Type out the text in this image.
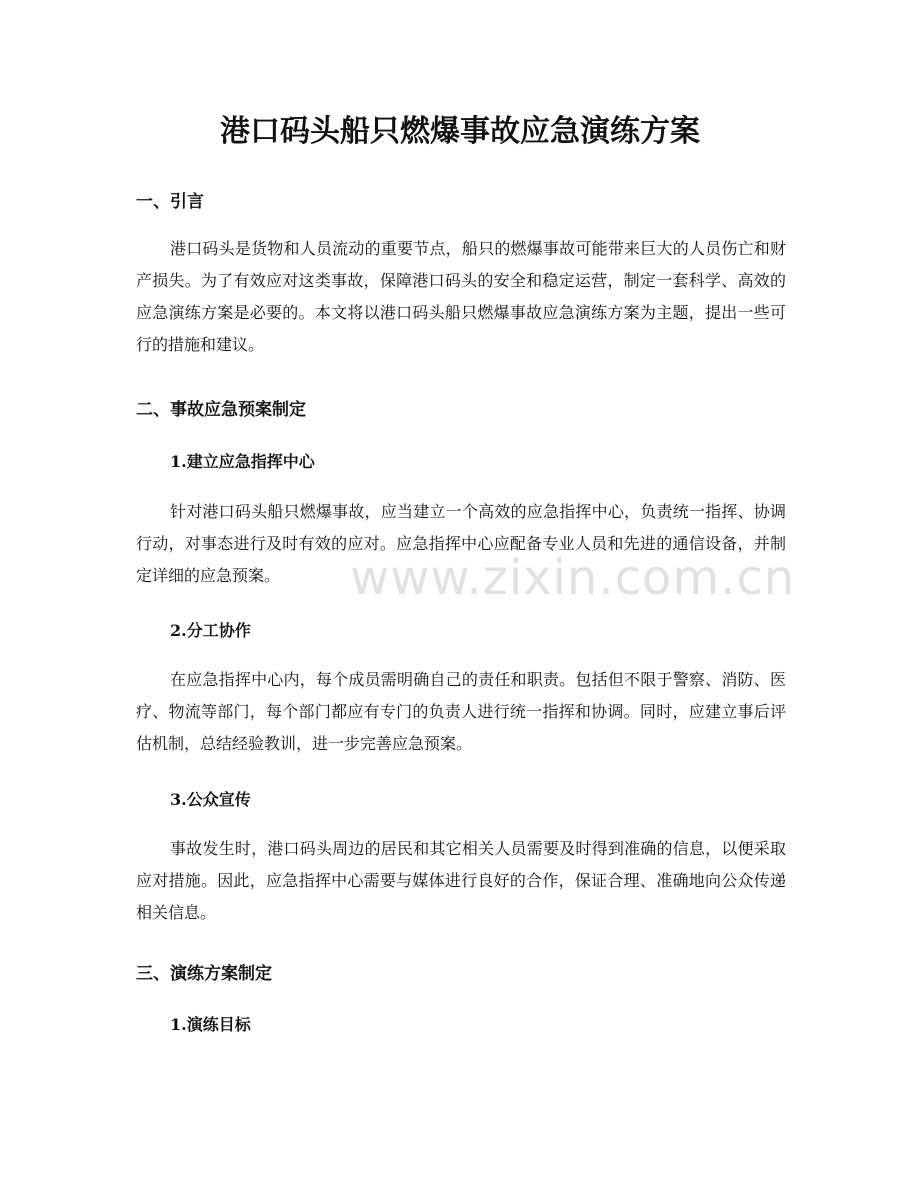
港口码头船只燃爆事故应急演练方案
一、引言

港口码头是货物和人员流动的重要节点，船只的燃爆事故可能带来巨大的人员伤亡和财产损失。为了有效应对这类事故，保障港口码头的安全和稳定运营，制定一套科学、高效的应急演练方案是必要的。本文将以港口码头船只燃爆事故应急演练方案为主题，提出一些可行的措施和建议。

二、事故应急预案制定
1.建立应急指挥中心

针对港口码头船只燃爆事故，应当建立一个高效的应急指挥中心，负责统一指挥、协调行动，对事态进行及时有效的应对。应急指挥中心应配备专业人员和先进的通信设备，并制定详细的应急预案。

2.分工协作

在应急指挥中心内，每个成员需明确自己的责任和职责。包括但不限于警察、消防、医疗、物流等部门，每个部门都应有专门的负责人进行统一指挥和协调。同时，应建立事后评估机制，总结经验教训，进一步完善应急预案。

3.公众宣传

事故发生时，港口码头周边的居民和其它相关人员需要及时得到准确的信息，以便采取应对措施。因此，应急指挥中心需要与媒体进行良好的合作，保证合理、准确地向公众传递相关信息。

三、演练方案制定
1.演练目标
www.zixin.com.cn
